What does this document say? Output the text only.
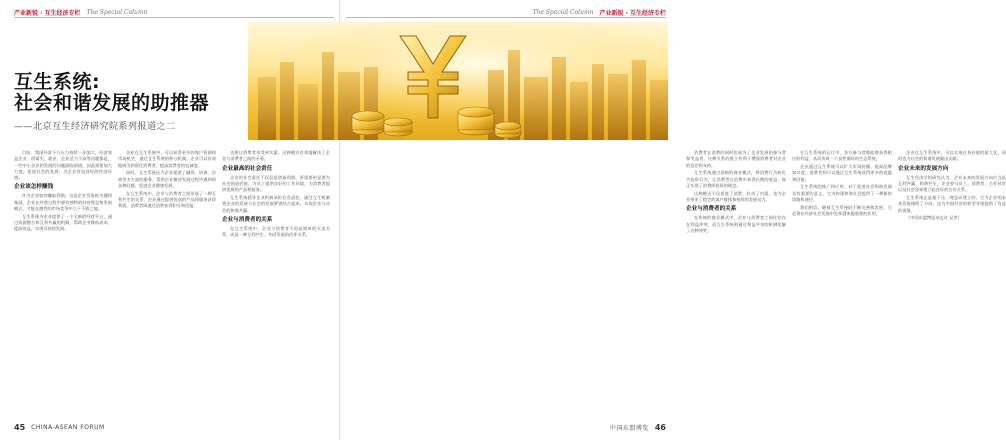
产业新锐 · 互生经济专栏 The Special Column
互生系统:
社会和谐发展的助推器
——北京互生经济研究院系列报道之二

目前，我国经济下行压力持续一步加大，经济效益企业、供需失、就业、企业活力不高等问题都是，一些中小企业的发展的问题面临困境，因此需要加大力度，促进社会的发展，为企业营造良好的经济环境。

企业该怎样赚钱

作为企业如何赚取利润，这是企业发展的关键和基础，企业在经营过程中要有独特的经营理念和发展模式，才能在激烈的市场竞争中立于不败之地。

互生系统为企业提供了一个全新的经营平台，通过资源整合和互利共赢的机制，帮助企业降低成本，提高效益，实现可持续发展。

企业在互生系统中，可以获得更多的客户资源和市场机会，通过互生系统的积分机制，企业可以有效地吸引和留住消费者，提高消费者的忠诚度。

同时，互生系统还为企业提供了融资、培训、咨询等多方面的服务，帮助企业解决发展过程中遇到的各种问题，促进企业健康发展。

在互生系统中，企业与消费者之间形成了一种互利共生的关系，企业通过提供优质的产品和服务获得利润，消费者则通过消费获得积分和回报。

也要让消费者享受到实惠，这种模式有效地解决了企业与消费者之间的矛盾。

企业最高的社会责任

企业的社会责任不仅仅是创造利润，更重要的是要为社会创造价值，为员工提供良好的工作环境，为消费者提供优质的产品和服务。

互生系统倡导企业积极承担社会责任，通过互生机制将企业的发展与社会的发展紧密结合起来，实现企业与社会的和谐共赢。

企业与消费者的关系

在互生系统中，企业与消费者不再是简单的买卖关系，而是一种互利共生、共同发展的伙伴关系。

45 CHINA-ASEAN FORUM
The Special Column 产业新锐 · 互生经济专栏

消费者在消费的同时也成为了企业发展的参与者和受益者，这种关系的建立有利于增强消费者对企业的信任和支持。

互生系统通过创新的商业模式，将消费行为转化为投资行为，让消费者在消费中获得长期的收益，真正实现了消费即投资的理念。

这种模式不仅促进了消费，拉动了内需，也为企业带来了稳定的客户群体和持续的发展动力。

企业与消费者的关系

在传统的商业模式中，企业与消费者之间往往存在利益冲突，而互生系统则通过利益共享的机制化解了这种冲突。

在互生系统的运行中，各方参与者都能够获得相应的利益，从而形成一个良性循环的生态系统。

企业通过互生系统可以扩大市场份额，提高品牌知名度，消费者则可以通过互生系统获得更多的优惠和回报。

互生系统的推广和应用，对于促进社会和谐发展具有重要的意义，它为构建和谐社会提供了一种新的思路和途径。

我们相信，随着互生系统的不断完善和发展，它必将在经济社会发展中发挥越来越重要的作用。

企业在互生系统中，可以实现自身价值的最大化，同时也为社会的和谐发展做出贡献。

企业未来的发展方向

互生经济学的研究认为，企业未来的发展方向应当是互利共赢、和谐共生，企业要与员工、消费者、合作伙伴以及社会各界建立起良好的合作关系。

互生系统正是基于这一理念而建立的，它为企业的未来发展指明了方向，也为中国经济的转型升级提供了有益的借鉴。

（中国东盟博览杂志社 记者）

中国东盟博览 46
